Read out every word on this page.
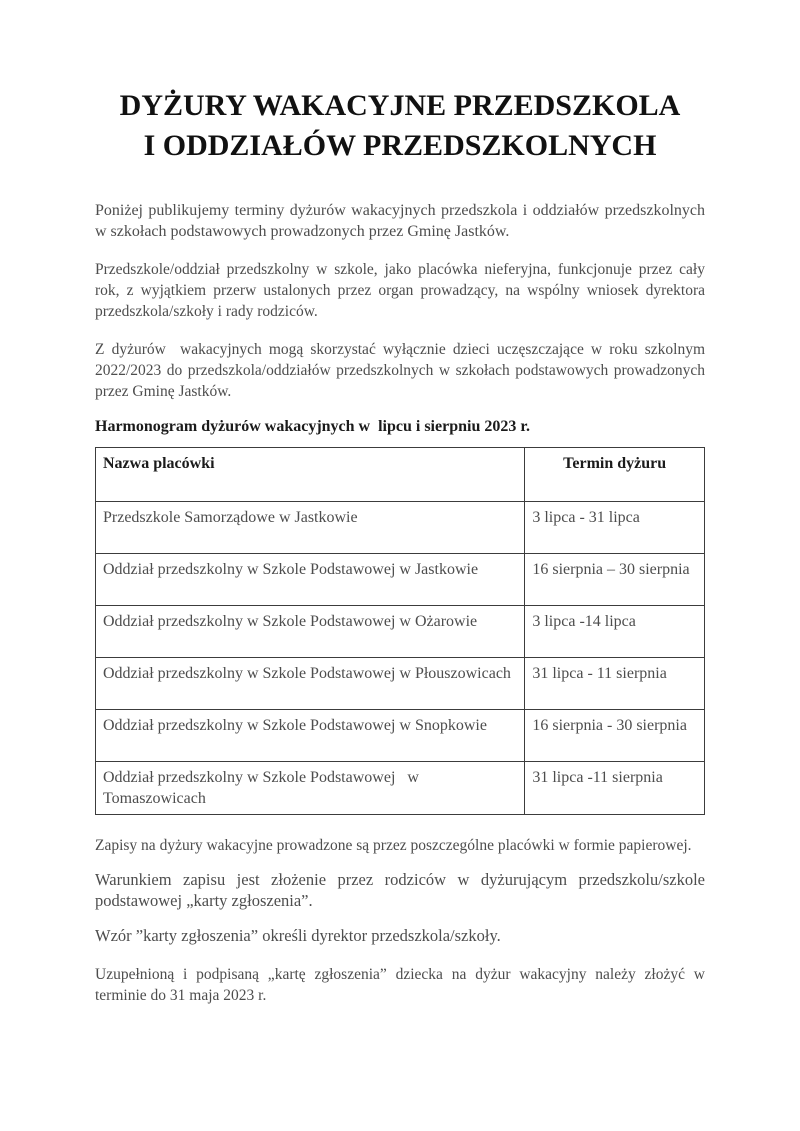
DYŻURY WAKACYJNE PRZEDSZKOLA
I ODDZIAŁÓW PRZEDSZKOLNYCH

Poniżej publikujemy terminy dyżurów wakacyjnych przedszkola i oddziałów przedszkolnych w szkołach podstawowych prowadzonych przez Gminę Jastków.

Przedszkole/oddział przedszkolny w szkole, jako placówka nieferyjna, funkcjonuje przez cały rok, z wyjątkiem przerw ustalonych przez organ prowadzący, na wspólny wniosek dyrektora przedszkola/szkoły i rady rodziców.

Z dyżurów  wakacyjnych mogą skorzystać wyłącznie dzieci uczęszczające w roku szkolnym 2022/2023 do przedszkola/oddziałów przedszkolnych w szkołach podstawowych prowadzonych przez Gminę Jastków.

Harmonogram dyżurów wakacyjnych w  lipcu i sierpniu 2023 r.
Nazwa placówki	Termin dyżuru
Przedszkole Samorządowe w Jastkowie	3 lipca - 31 lipca
Oddział przedszkolny w Szkole Podstawowej w Jastkowie	16 sierpnia – 30 sierpnia
Oddział przedszkolny w Szkole Podstawowej w Ożarowie	3 lipca -14 lipca
Oddział przedszkolny w Szkole Podstawowej w Płouszowicach	31 lipca - 11 sierpnia
Oddział przedszkolny w Szkole Podstawowej w Snopkowie	16 sierpnia - 30 sierpnia
Oddział przedszkolny w Szkole Podstawowej   w Tomaszowicach	31 lipca -11 sierpnia

Zapisy na dyżury wakacyjne prowadzone są przez poszczególne placówki w formie papierowej.

Warunkiem zapisu jest złożenie przez rodziców w dyżurującym przedszkolu/szkole podstawowej „karty zgłoszenia”.

Wzór ”karty zgłoszenia” określi dyrektor przedszkola/szkoły.

Uzupełnioną i podpisaną „kartę zgłoszenia” dziecka na dyżur wakacyjny należy złożyć w terminie do 31 maja 2023 r.
